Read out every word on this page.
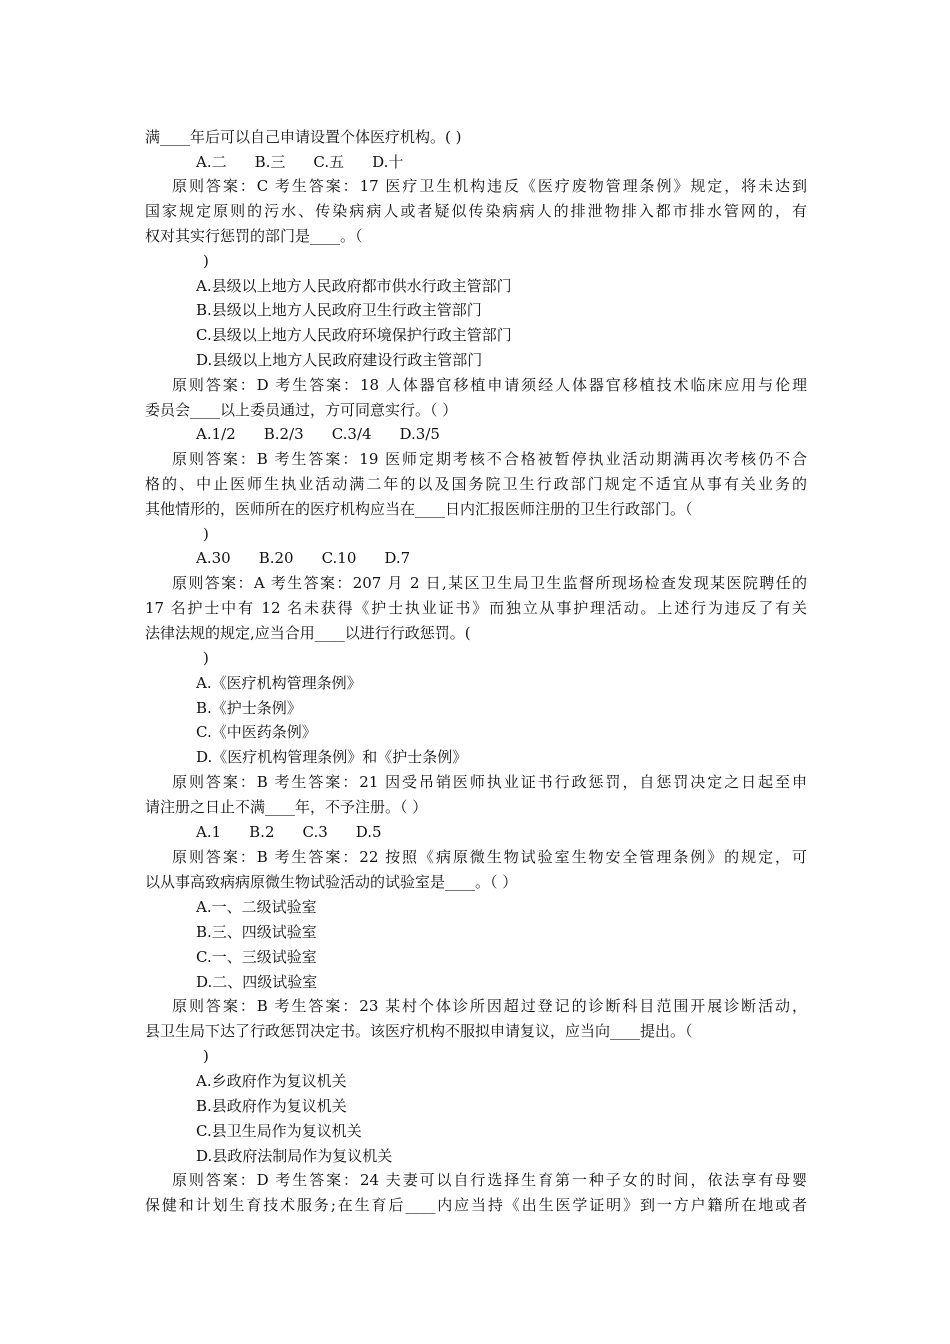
满____年后可以自己申请设置个体医疗机构。( )
A.二 B.三 C.五 D.十
原则答案：C 考生答案：17 医疗卫生机构违反《医疗废物管理条例》规定，将未达到
国家规定原则的污水、传染病病人或者疑似传染病病人的排泄物排入都市排水管网的，有
权对其实行惩罚的部门是____。（
)
A.县级以上地方人民政府都市供水行政主管部门
B.县级以上地方人民政府卫生行政主管部门
C.县级以上地方人民政府环境保护行政主管部门
D.县级以上地方人民政府建设行政主管部门
原则答案：D 考生答案：18 人体器官移植申请须经人体器官移植技术临床应用与伦理
委员会____以上委员通过，方可同意实行。（ ）
A.1/2 B.2/3 C.3/4 D.3/5
原则答案：B 考生答案：19 医师定期考核不合格被暂停执业活动期满再次考核仍不合
格的、中止医师生执业活动满二年的以及国务院卫生行政部门规定不适宜从事有关业务的
其他情形的，医师所在的医疗机构应当在____日内汇报医师注册的卫生行政部门。（
)
A.30 B.20 C.10 D.7
原则答案：A 考生答案：207 月 2 日,某区卫生局卫生监督所现场检查发现某医院聘任的
17 名护士中有 12 名未获得《护士执业证书》而独立从事护理活动。上述行为违反了有关
法律法规的规定,应当合用____以进行行政惩罚。(
)
A.《医疗机构管理条例》
B.《护士条例》
C.《中医药条例》
D.《医疗机构管理条例》和《护士条例》
原则答案：B 考生答案：21 因受吊销医师执业证书行政惩罚，自惩罚决定之日起至申
请注册之日止不满____年，不予注册。（ ）
A.1 B.2 C.3 D.5
原则答案：B 考生答案：22 按照《病原微生物试验室生物安全管理条例》的规定，可
以从事高致病病原微生物试验活动的试验室是____。（ ）
A.一、二级试验室
B.三、四级试验室
C.一、三级试验室
D.二、四级试验室
原则答案：B 考生答案：23 某村个体诊所因超过登记的诊断科目范围开展诊断活动，
县卫生局下达了行政惩罚决定书。该医疗机构不服拟申请复议，应当向____提出。（
)
A.乡政府作为复议机关
B.县政府作为复议机关
C.县卫生局作为复议机关
D.县政府法制局作为复议机关
原则答案：D 考生答案：24 夫妻可以自行选择生育第一种子女的时间，依法享有母婴
保健和计划生育技术服务;在生育后____内应当持《出生医学证明》到一方户籍所在地或者
